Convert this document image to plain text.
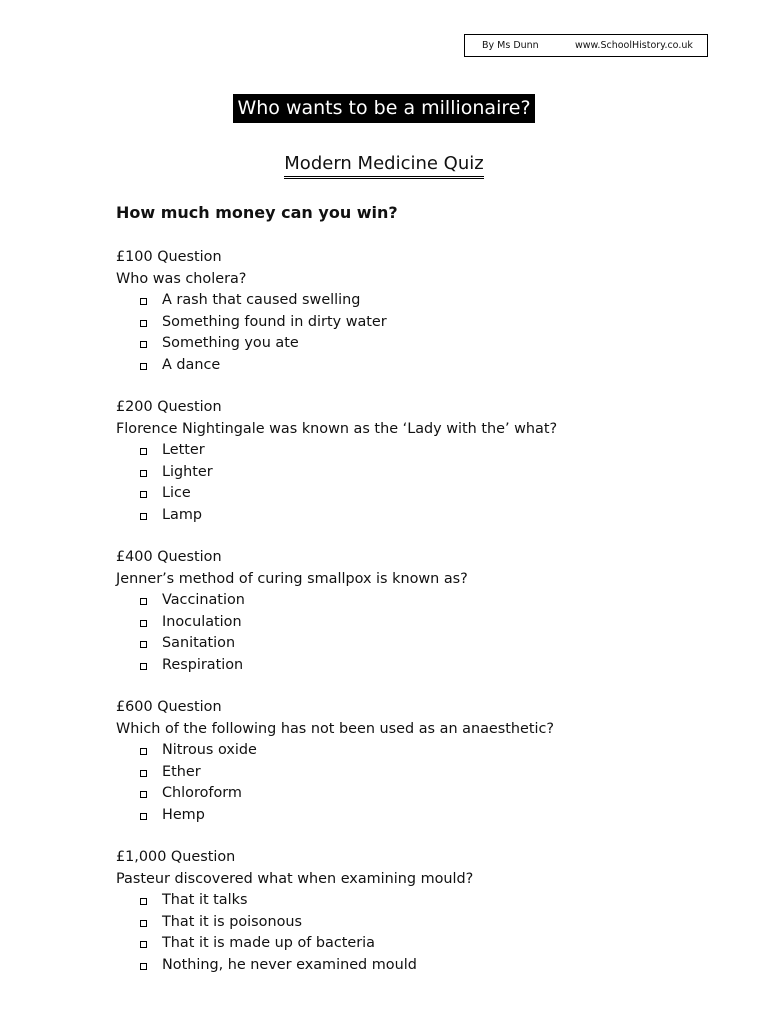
By Ms Dunn	www.SchoolHistory.co.uk
Who wants to be a millionaire?
Modern Medicine Quiz
How much money can you win?
£100 Question
Who was cholera?
A rash that caused swelling
Something found in dirty water
Something you ate
A dance
£200 Question
Florence Nightingale was known as the ‘Lady with the’ what?
Letter
Lighter
Lice
Lamp
£400 Question
Jenner’s method of curing smallpox is known as?
Vaccination
Inoculation
Sanitation
Respiration
£600 Question
Which of the following has not been used as an anaesthetic?
Nitrous oxide
Ether
Chloroform
Hemp
£1,000 Question
Pasteur discovered what when examining mould?
That it talks
That it is poisonous
That it is made up of bacteria
Nothing, he never examined mould
